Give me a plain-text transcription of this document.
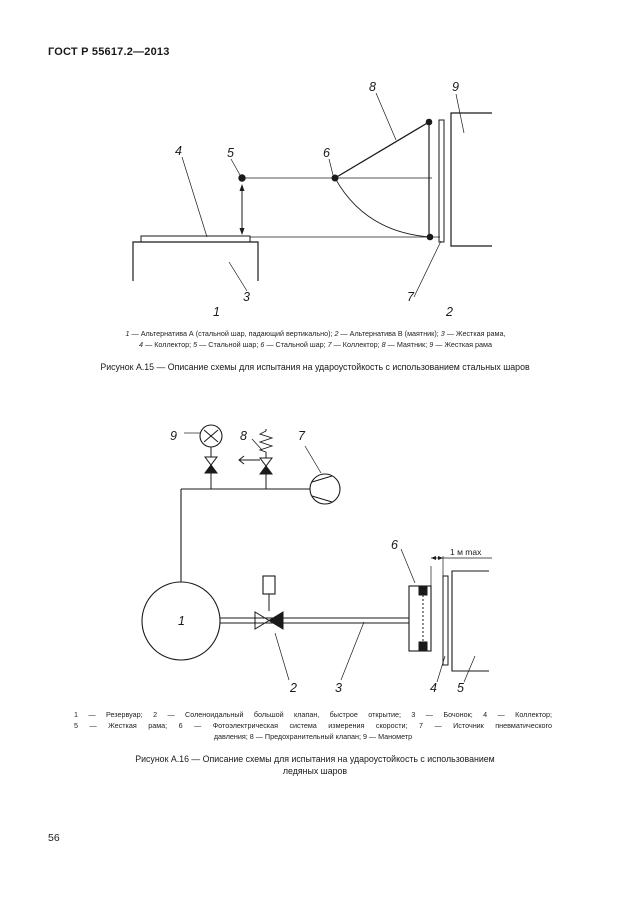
ГОСТ Р 55617.2—2013
4	5	6
8	9
3	7
1	2

1 — Альтернатива А (стальной шар, падающий вертикально); 2 — Альтернатива В (маятник); 3 — Жесткая рама,

4 — Коллектор; 5 — Стальной шар; 6 — Стальной шар; 7 — Коллектор; 8 — Маятник; 9 — Жесткая рама

Рисунок А.15 — Описание схемы для испытания на удароустойкость с использованием стальных шаров
1 м max
9	8	7
6
1
2	3	4 5

1 — Резервуар; 2 — Соленоидальный большой клапан, быстрое открытие; 3 — Бочонок; 4 — Коллектор;

5 — Жесткая рама; 6 — Фотоэлектрическая система измерения скорости; 7 — Источник пневматического

давления; 8 — Предохранительный клапан; 9 — Манометр

Рисунок А.16 — Описание схемы для испытания на удароустойкость с использованием
ледяных шаров
56
